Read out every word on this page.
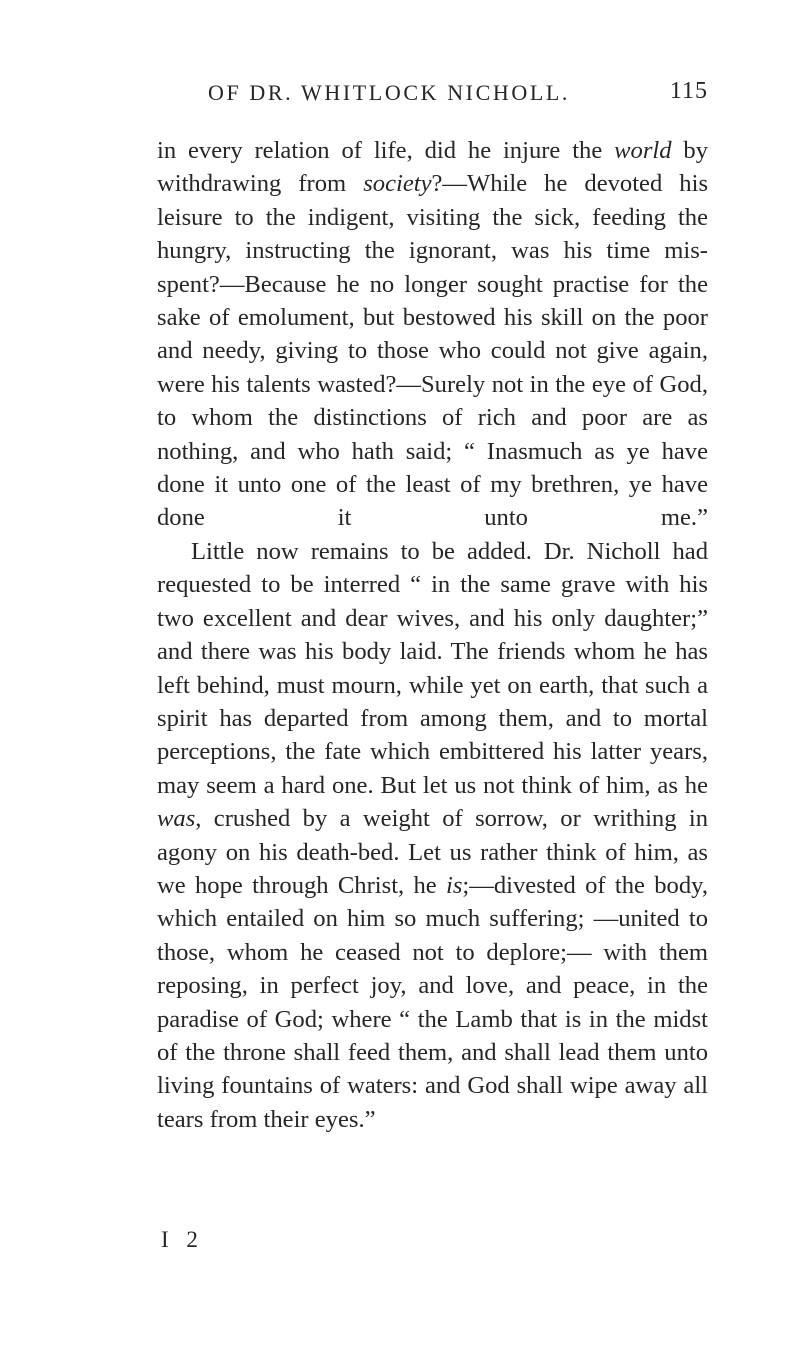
OF DR. WHITLOCK NICHOLL.	115

in every relation of life, did he injure the world by withdrawing from society?—While he devoted his leisure to the indigent, visiting the sick, feeding the hungry, instructing the ignorant, was his time mis-spent?—Because he no longer sought practise for the sake of emolument, but bestowed his skill on the poor and needy, giving to those who could not give again, were his talents wasted?—Surely not in the eye of God, to whom the distinctions of rich and poor are as nothing, and who hath said; “ Inasmuch as ye have done it unto one of the least of my brethren, ye have done it unto me.”

Little now remains to be added. Dr. Nicholl had requested to be interred “ in the same grave with his two excellent and dear wives, and his only daughter;” and there was his body laid. The friends whom he has left behind, must mourn, while yet on earth, that such a spirit has departed from among them, and to mortal perceptions, the fate which embittered his latter years, may seem a hard one. But let us not think of him, as he was, crushed by a weight of sorrow, or writhing in agony on his death-bed. Let us rather think of him, as we hope through Christ, he is;—divested of the body, which entailed on him so much suffering; —united to those, whom he ceased not to deplore;— with them reposing, in perfect joy, and love, and peace, in the paradise of God; where “ the Lamb that is in the midst of the throne shall feed them, and shall lead them unto living fountains of waters: and God shall wipe away all tears from their eyes.”

I 2
